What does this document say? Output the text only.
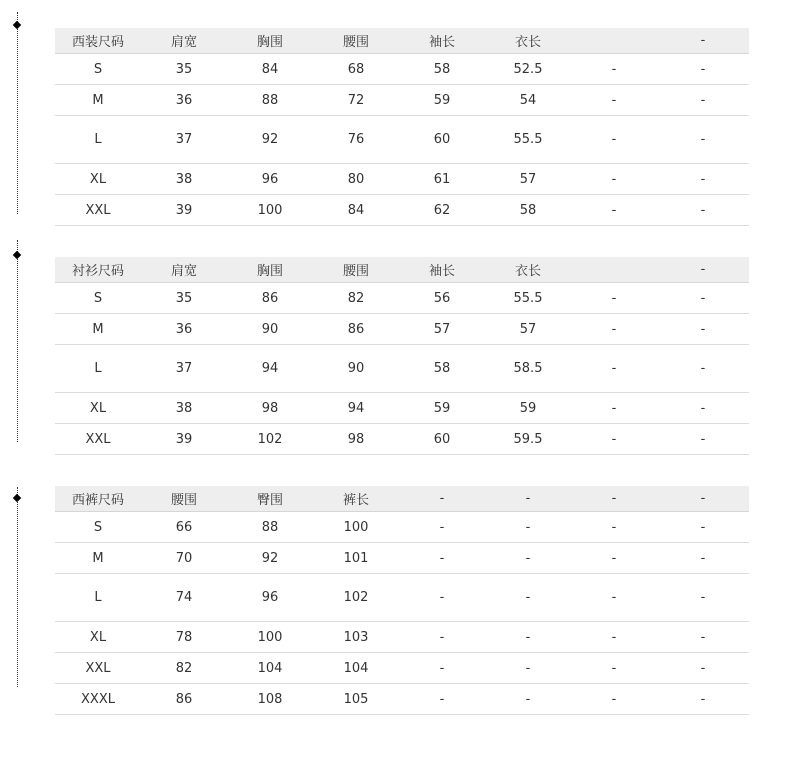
西装尺码	肩宽	胸围	腰围	袖长	衣长		-
S	35	84	68	58	52.5	-	-
M	36	88	72	59	54	-	-
L	37	92	76	60	55.5	-	-
XL	38	96	80	61	57	-	-
XXL	39	100	84	62	58	-	-
衬衫尺码	肩宽	胸围	腰围	袖长	衣长		-
S	35	86	82	56	55.5	-	-
M	36	90	86	57	57	-	-
L	37	94	90	58	58.5	-	-
XL	38	98	94	59	59	-	-
XXL	39	102	98	60	59.5	-	-
西裤尺码	腰围	臀围	裤长	-	-	-	-
S	66	88	100	-	-	-	-
M	70	92	101	-	-	-	-
L	74	96	102	-	-	-	-
XL	78	100	103	-	-	-	-
XXL	82	104	104	-	-	-	-
XXXL	86	108	105	-	-	-	-
